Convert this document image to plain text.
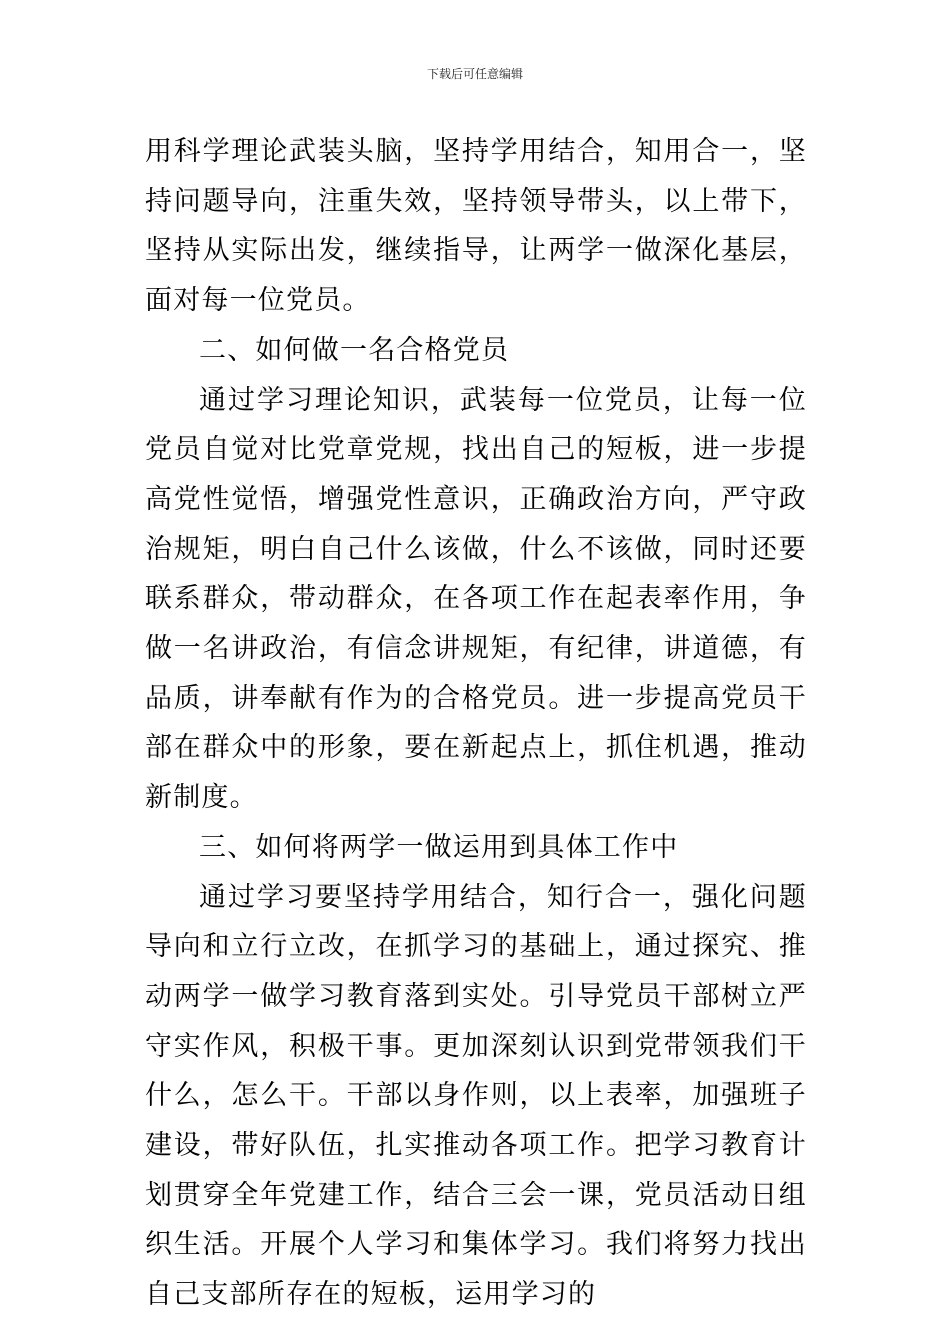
下载后可任意编辑

用科学理论武装头脑，坚持学用结合，知用合一，坚持问题导向，注重失效，坚持领导带头，以上带下，坚持从实际出发，继续指导，让两学一做深化基层，面对每一位党员。

二、如何做一名合格党员

通过学习理论知识，武装每一位党员，让每一位党员自觉对比党章党规，找出自己的短板，进一步提高党性觉悟，增强党性意识，正确政治方向，严守政治规矩，明白自己什么该做，什么不该做，同时还要联系群众，带动群众，在各项工作在起表率作用，争做一名讲政治，有信念讲规矩，有纪律，讲道德，有品质，讲奉献有作为的合格党员。进一步提高党员干部在群众中的形象，要在新起点上，抓住机遇，推动新制度。

三、如何将两学一做运用到具体工作中

通过学习要坚持学用结合，知行合一，强化问题导向和立行立改，在抓学习的基础上，通过探究、推动两学一做学习教育落到实处。引导党员干部树立严守实作风，积极干事。更加深刻认识到党带领我们干什么，怎么干。干部以身作则，以上表率，加强班子建设，带好队伍，扎实推动各项工作。把学习教育计划贯穿全年党建工作，结合三会一课，党员活动日组织生活。开展个人学习和集体学习。我们将努力找出自己支部所存在的短板，运用学习的
